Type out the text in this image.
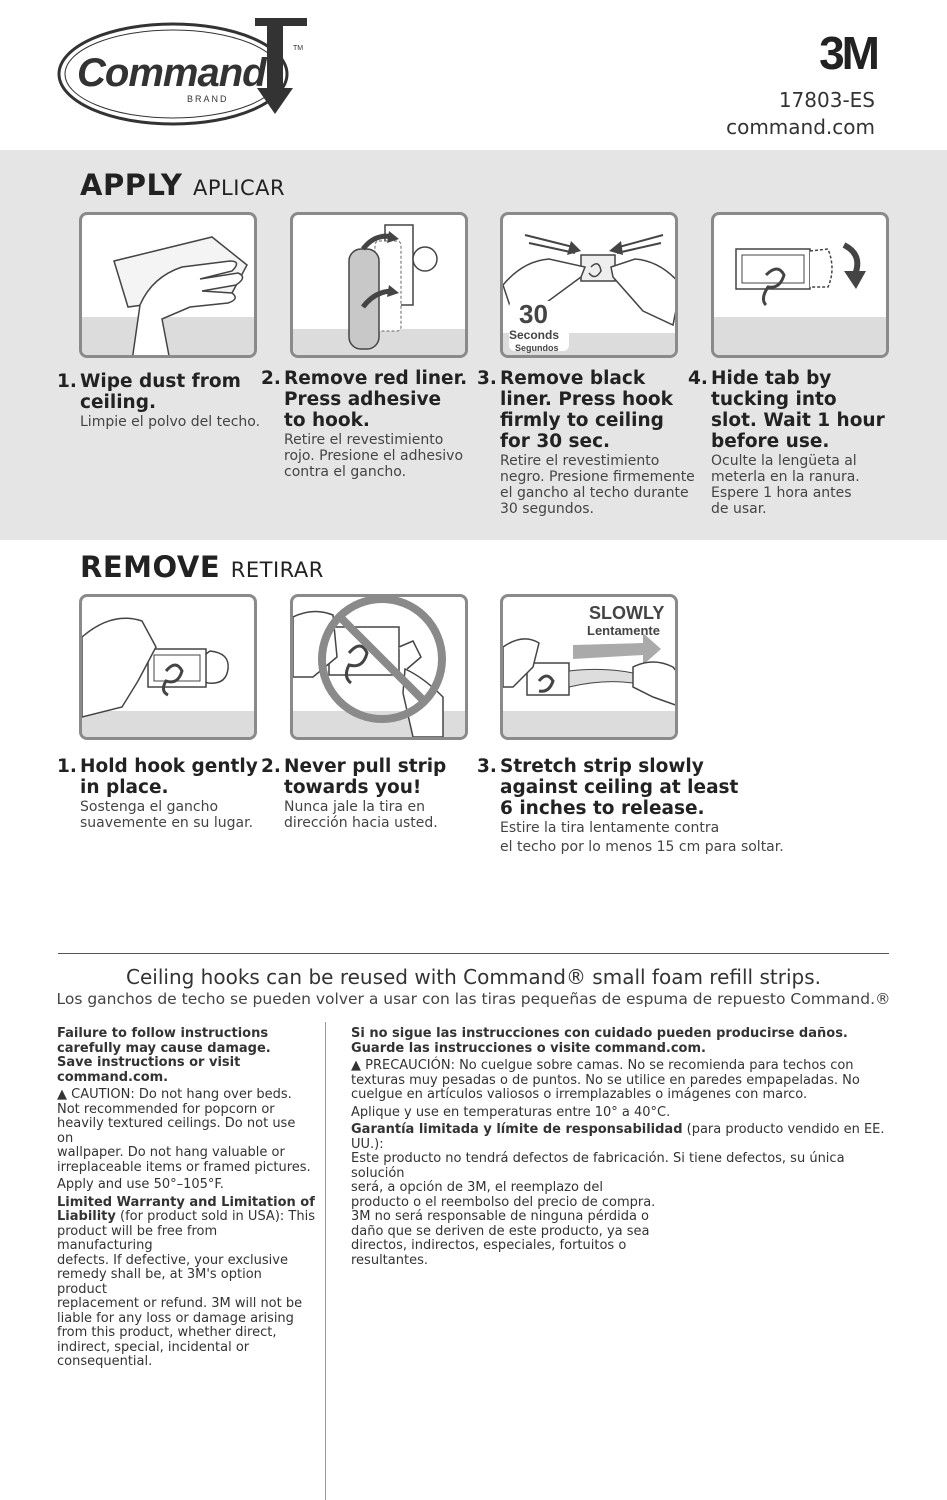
Command
BRAND
TM	3M
17803-ES
command.com
APPLY APLICAR
30
Seconds
Segundos
1. Wipe dust from
ceiling.
Limpie el polvo del techo.
2. Remove red liner.
Press adhesive
to hook.
Retire el revestimiento
rojo. Presione el adhesivo
contra el gancho.
3. Remove black
liner. Press hook
firmly to ceiling
for 30 sec.
Retire el revestimiento
negro. Presione firmemente
el gancho al techo durante
30 segundos.
4. Hide tab by
tucking into
slot. Wait 1 hour
before use.
Oculte la lengüeta al
meterla en la ranura.
Espere 1 hora antes
de usar.
REMOVE RETIRAR
SLOWLY
Lentamente
1. Hold hook gently
in place.
Sostenga el gancho
suavemente en su lugar.
2. Never pull strip
towards you!
Nunca jale la tira en
dirección hacia usted.
3. Stretch strip slowly
against ceiling at least
6 inches to release.
Estire la tira lentamente contra
el techo por lo menos 15 cm para soltar.
Ceiling hooks can be reused with Command® small foam refill strips.
Los ganchos de techo se pueden volver a usar con las tiras pequeñas de espuma de repuesto Command.®

Failure to follow instructions
carefully may cause damage.
Save instructions or visit
command.com.

▲ CAUTION: Do not hang over beds.
Not recommended for popcorn or
heavily textured ceilings. Do not use on
wallpaper. Do not hang valuable or
irreplaceable items or framed pictures.

Apply and use 50°–105°F.

Limited Warranty and Limitation of
Liability (for product sold in USA): This
product will be free from manufacturing
defects. If defective, your exclusive
remedy shall be, at 3M's option product
replacement or refund. 3M will not be
liable for any loss or damage arising
from this product, whether direct,
indirect, special, incidental or
consequential.

Si no sigue las instrucciones con cuidado pueden producirse daños.
Guarde las instrucciones o visite command.com.

▲ PRECAUCIÓN: No cuelgue sobre camas. No se recomienda para techos con
texturas muy pesadas o de puntos. No se utilice en paredes empapeladas. No
cuelgue en artículos valiosos o irremplazables o imágenes con marco.

Aplique y use en temperaturas entre 10° a 40°C.

Garantía limitada y límite de responsabilidad (para producto vendido en EE. UU.):
Este producto no tendrá defectos de fabricación. Si tiene defectos, su única solución
será, a opción de 3M, el reemplazo del
producto o el reembolso del precio de compra.
3M no será responsable de ninguna pérdida o
daño que se deriven de este producto, ya sea
directos, indirectos, especiales, fortuitos o
resultantes.
